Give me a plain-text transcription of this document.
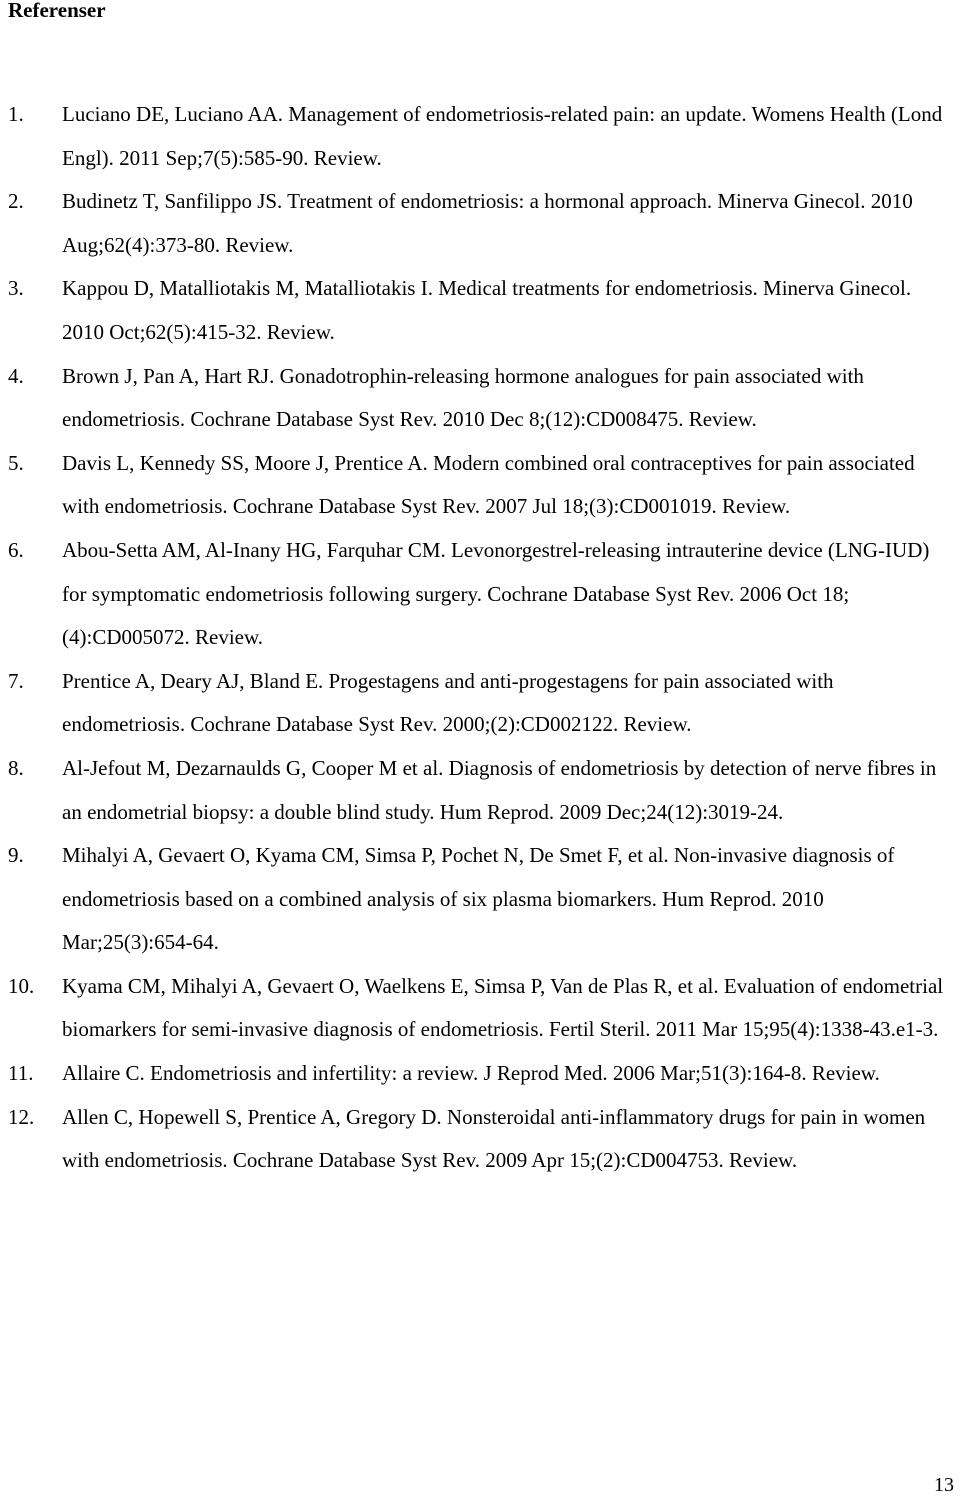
Referenser
1.	Luciano DE, Luciano AA. Management of endometriosis-related pain: an update. Womens Health (Lond Engl). 2011 Sep;7(5):585-90. Review.
2.	Budinetz T, Sanfilippo JS. Treatment of endometriosis: a hormonal approach. Minerva Ginecol. 2010 Aug;62(4):373-80. Review.
3.	Kappou D, Matalliotakis M, Matalliotakis I. Medical treatments for endometriosis. Minerva Ginecol. 2010 Oct;62(5):415-32. Review.
4.	Brown J, Pan A, Hart RJ. Gonadotrophin-releasing hormone analogues for pain associated with endometriosis. Cochrane Database Syst Rev. 2010 Dec 8;(12):CD008475. Review.
5.	Davis L, Kennedy SS, Moore J, Prentice A. Modern combined oral contraceptives for pain associated with endometriosis. Cochrane Database Syst Rev. 2007 Jul 18;(3):CD001019. Review.
6.	Abou-Setta AM, Al-Inany HG, Farquhar CM. Levonorgestrel-releasing intrauterine device (LNG-IUD) for symptomatic endometriosis following surgery. Cochrane Database Syst Rev. 2006 Oct 18;(4):CD005072. Review.
7.	Prentice A, Deary AJ, Bland E. Progestagens and anti-progestagens for pain associated with endometriosis. Cochrane Database Syst Rev. 2000;(2):CD002122. Review.
8.	Al-Jefout M, Dezarnaulds G, Cooper M et al. Diagnosis of endometriosis by detection of nerve fibres in an endometrial biopsy: a double blind study. Hum Reprod. 2009 Dec;24(12):3019-24.
9.	Mihalyi A, Gevaert O, Kyama CM, Simsa P, Pochet N, De Smet F, et al. Non-invasive diagnosis of endometriosis based on a combined analysis of six plasma biomarkers. Hum Reprod. 2010 Mar;25(3):654-64.
10.	Kyama CM, Mihalyi A, Gevaert O, Waelkens E, Simsa P, Van de Plas R, et al. Evaluation of endometrial biomarkers for semi-invasive diagnosis of endometriosis. Fertil Steril. 2011 Mar 15;95(4):1338-43.e1-3.
11.	Allaire C. Endometriosis and infertility: a review. J Reprod Med. 2006 Mar;51(3):164-8. Review.
12.	Allen C, Hopewell S, Prentice A, Gregory D. Nonsteroidal anti-inflammatory drugs for pain in women with endometriosis. Cochrane Database Syst Rev. 2009 Apr 15;(2):CD004753. Review.
13
